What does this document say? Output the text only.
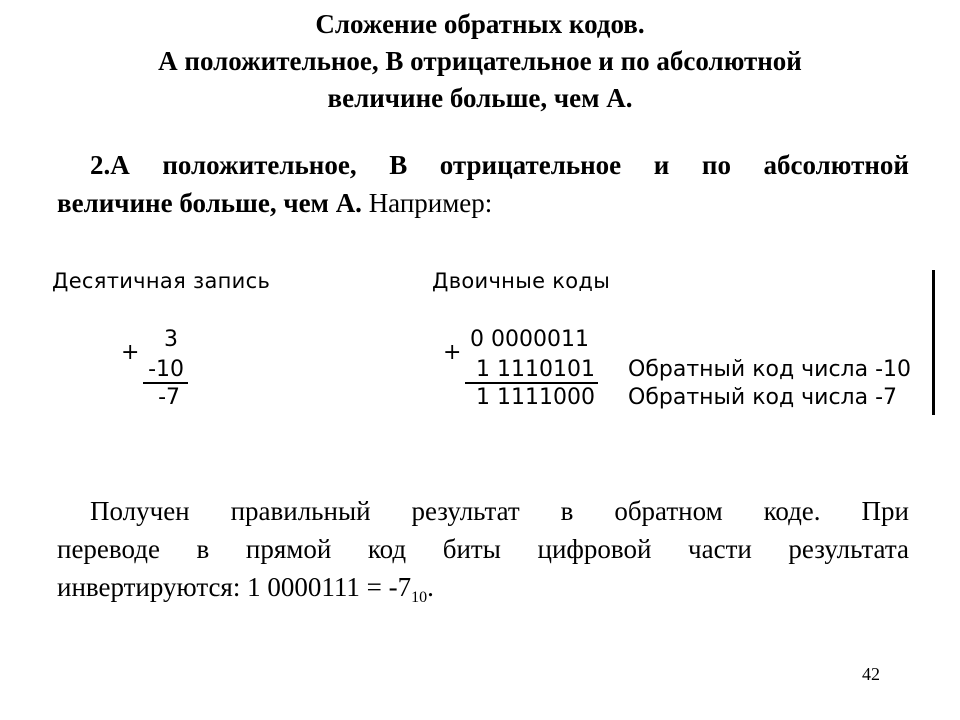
Сложение обратных кодов.
А положительное, В отрицательное и по абсолютной
величине больше, чем А.
2.А положительное, В отрицательное и по абсолютной
величине больше, чем А. Например:
Десятичная запись	Двоичные коды
+
3
-10
-7
+
0 0000011
1 1110101
1 1111000
Обратный код числа -10
Обратный код числа -7
Получен правильный результат в обратном коде. При
переводе в прямой код биты цифровой части результата
инвертируются: 1 $0000111 = -7_{10}$.
42
